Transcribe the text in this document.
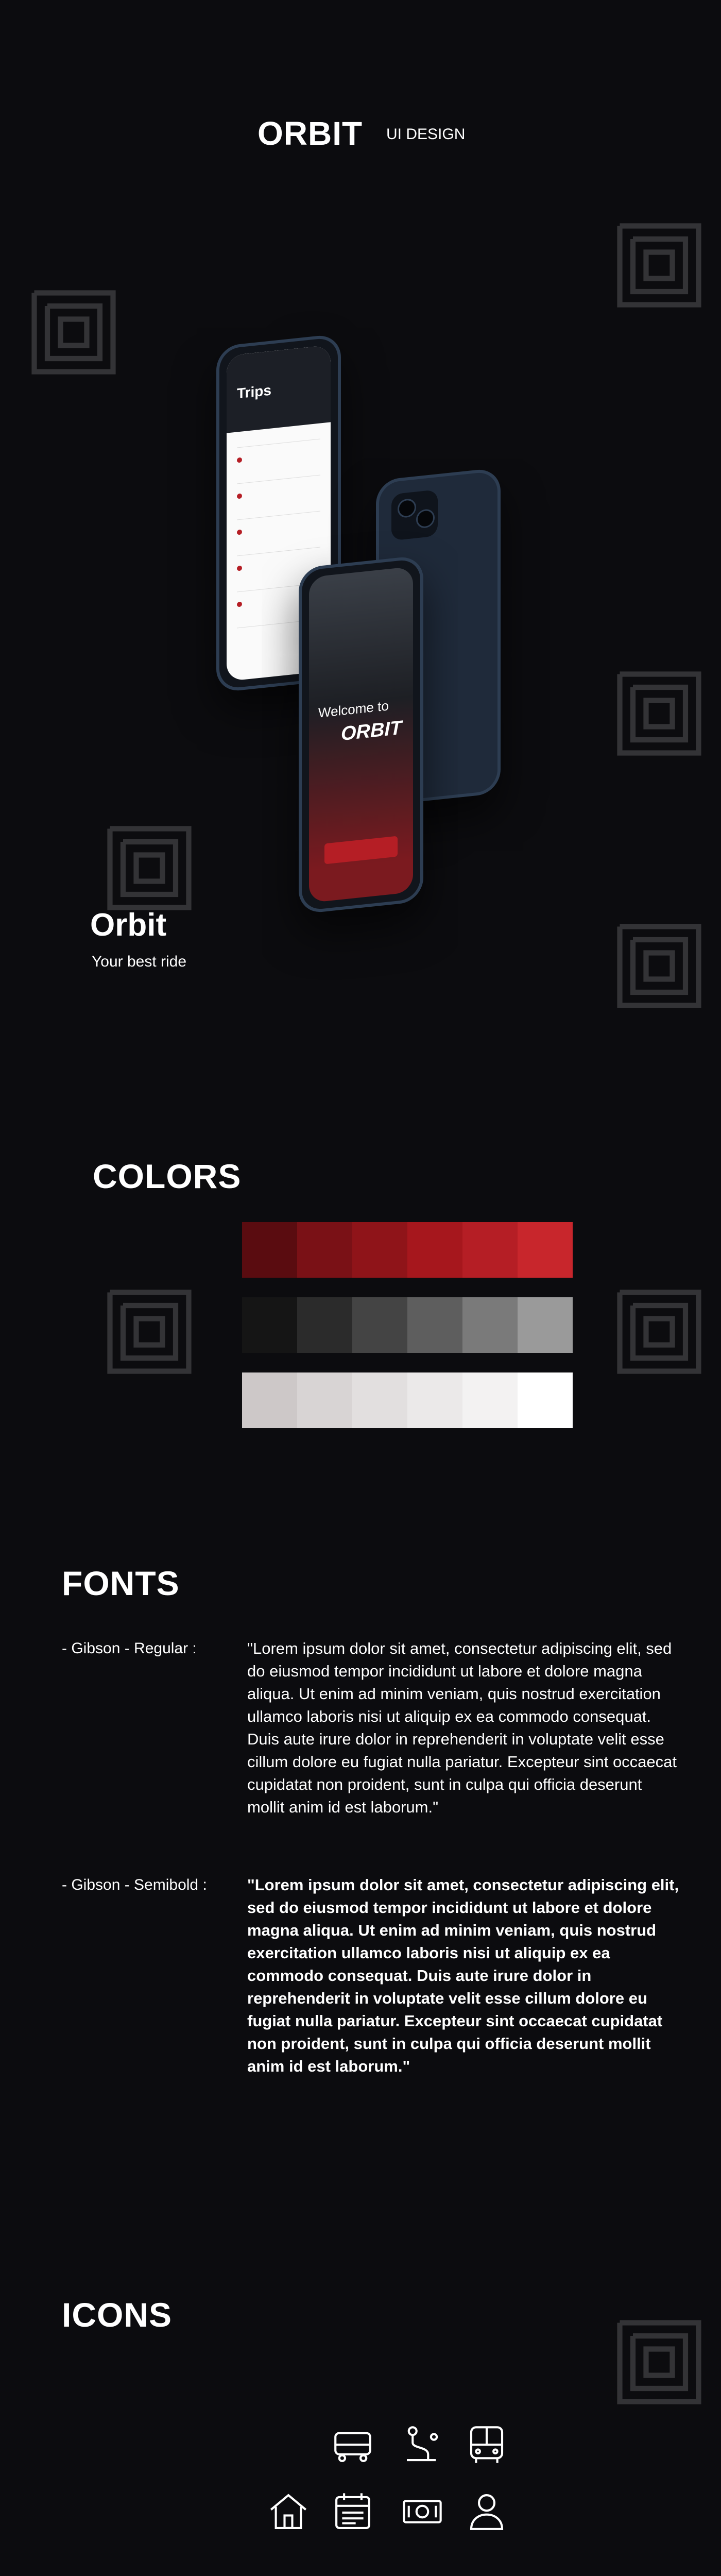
ORBIT UI DESIGN
Trips
Welcome to
ORBIT
Orbit
Your best ride
COLORS
FONTS
- Gibson - Regular :	"Lorem ipsum dolor sit amet, consectetur adipiscing elit, sed do eiusmod tempor incididunt ut labore et dolore magna aliqua. Ut enim ad minim veniam, quis nostrud exercitation ullamco laboris nisi ut aliquip ex ea commodo consequat. Duis aute irure dolor in reprehenderit in voluptate velit esse cillum dolore eu fugiat nulla pariatur. Excepteur sint occaecat cupidatat non proident, sunt in culpa qui officia deserunt mollit anim id est laborum."
- Gibson - Semibold :	"Lorem ipsum dolor sit amet, consectetur adipiscing elit, sed do eiusmod tempor incididunt ut labore et dolore magna aliqua. Ut enim ad minim veniam, quis nostrud exercitation ullamco laboris nisi ut aliquip ex ea commodo consequat. Duis aute irure dolor in reprehenderit in voluptate velit esse cillum dolore eu fugiat nulla pariatur. Excepteur sint occaecat cupidatat non proident, sunt in culpa qui officia deserunt mollit anim id est laborum."
ICONS
